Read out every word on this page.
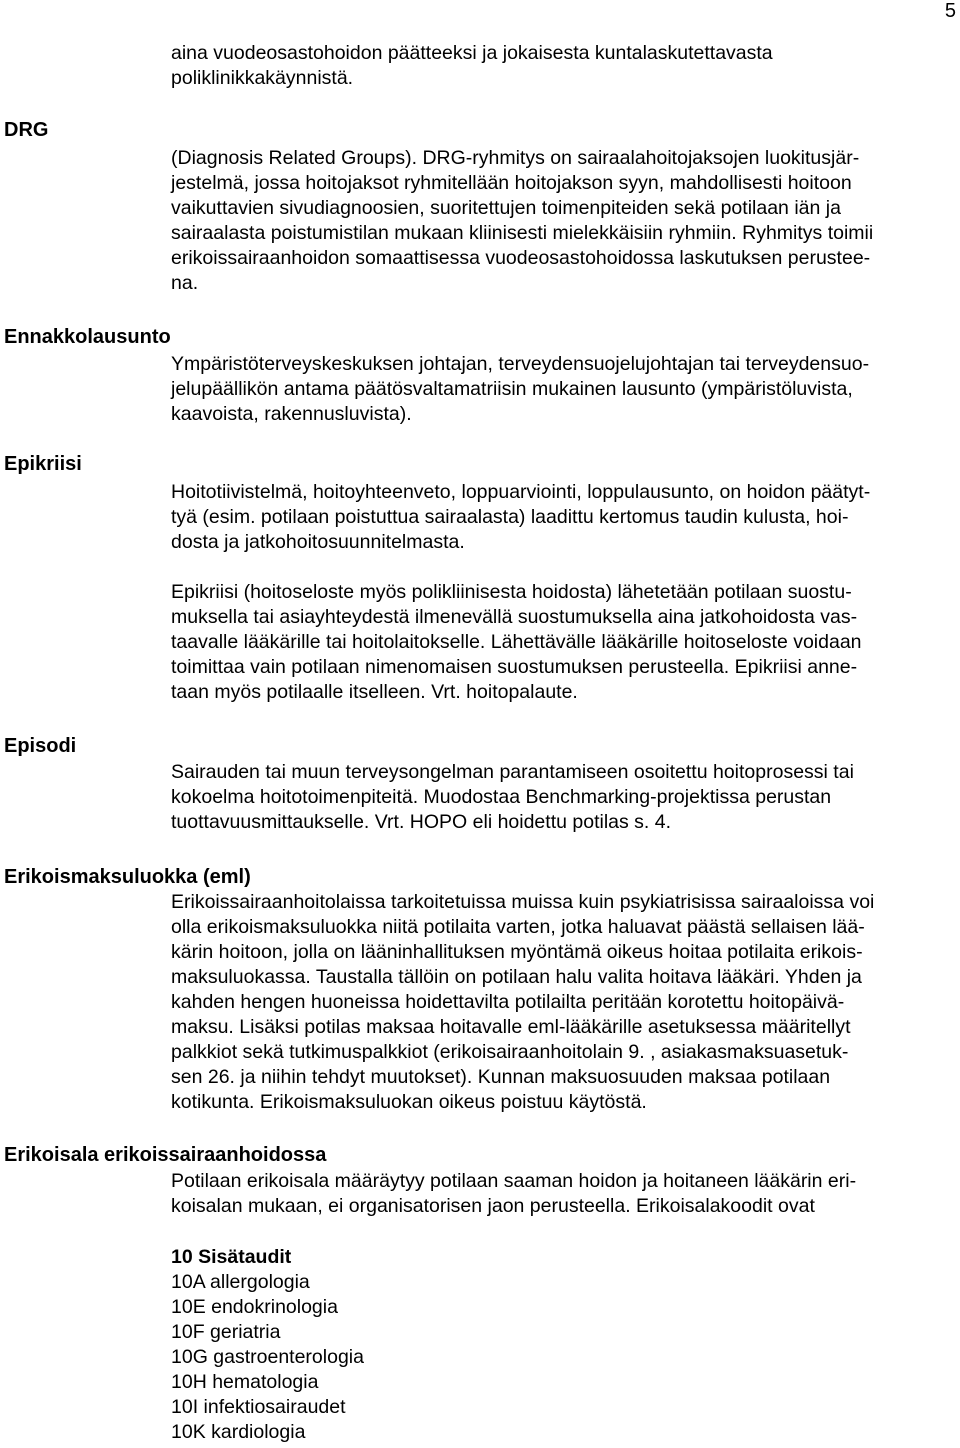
5
aina vuodeosastohoidon päätteeksi ja jokaisesta kuntalaskutettavasta
poliklinikkakäynnistä.
DRG
(Diagnosis Related Groups). DRG-ryhmitys on sairaalahoitojaksojen luokitusjär-
jestelmä, jossa hoitojaksot ryhmitellään hoitojakson syyn, mahdollisesti hoitoon
vaikuttavien sivudiagnoosien, suoritettujen toimenpiteiden sekä potilaan iän ja
sairaalasta poistumistilan mukaan kliinisesti mielekkäisiin ryhmiin. Ryhmitys toimii
erikoissairaanhoidon somaattisessa vuodeosastohoidossa laskutuksen perustee-
na.
Ennakkolausunto
Ympäristöterveyskeskuksen johtajan, terveydensuojelujohtajan tai terveydensuo-
jelupäällikön antama päätösvaltamatriisin mukainen lausunto (ympäristöluvista,
kaavoista, rakennusluvista).
Epikriisi
Hoitotiivistelmä, hoitoyhteenveto, loppuarviointi, loppulausunto, on hoidon päätyt-
tyä (esim. potilaan poistuttua sairaalasta) laadittu kertomus taudin kulusta, hoi-
dosta ja jatkohoitosuunnitelmasta.
Epikriisi (hoitoseloste myös polikliinisesta hoidosta) lähetetään potilaan suostu-
muksella tai asiayhteydestä ilmenevällä suostumuksella aina jatkohoidosta vas-
taavalle lääkärille tai hoitolaitokselle. Lähettävälle lääkärille hoitoseloste voidaan
toimittaa vain potilaan nimenomaisen suostumuksen perusteella. Epikriisi anne-
taan myös potilaalle itselleen. Vrt. hoitopalaute.
Episodi
Sairauden tai muun terveysongelman parantamiseen osoitettu hoitoprosessi tai
kokoelma hoitotoimenpiteitä. Muodostaa Benchmarking-projektissa perustan
tuottavuusmittaukselle. Vrt. HOPO eli hoidettu potilas s. 4.
Erikoismaksuluokka (eml)
Erikoissairaanhoitolaissa tarkoitetuissa muissa kuin psykiatrisissa sairaaloissa voi
olla erikoismaksuluokka niitä potilaita varten, jotka haluavat päästä sellaisen lää-
kärin hoitoon, jolla on lääninhallituksen myöntämä oikeus hoitaa potilaita erikois-
maksuluokassa. Taustalla tällöin on potilaan halu valita hoitava lääkäri. Yhden ja
kahden hengen huoneissa hoidettavilta potilailta peritään korotettu hoitopäivä-
maksu. Lisäksi potilas maksaa hoitavalle eml-lääkärille asetuksessa määritellyt
palkkiot sekä tutkimuspalkkiot (erikoisairaanhoitolain 9. , asiakasmaksuasetuk-
sen 26. ja niihin tehdyt muutokset). Kunnan maksuosuuden maksaa potilaan
kotikunta. Erikoismaksuluokan oikeus poistuu käytöstä.
Erikoisala erikoissairaanhoidossa
Potilaan erikoisala määräytyy potilaan saaman hoidon ja hoitaneen lääkärin eri-
koisalan mukaan, ei organisatorisen jaon perusteella. Erikoisalakoodit ovat
10 Sisätaudit
10A allergologia
10E endokrinologia
10F geriatria
10G gastroenterologia
10H hematologia
10I infektiosairaudet
10K kardiologia
